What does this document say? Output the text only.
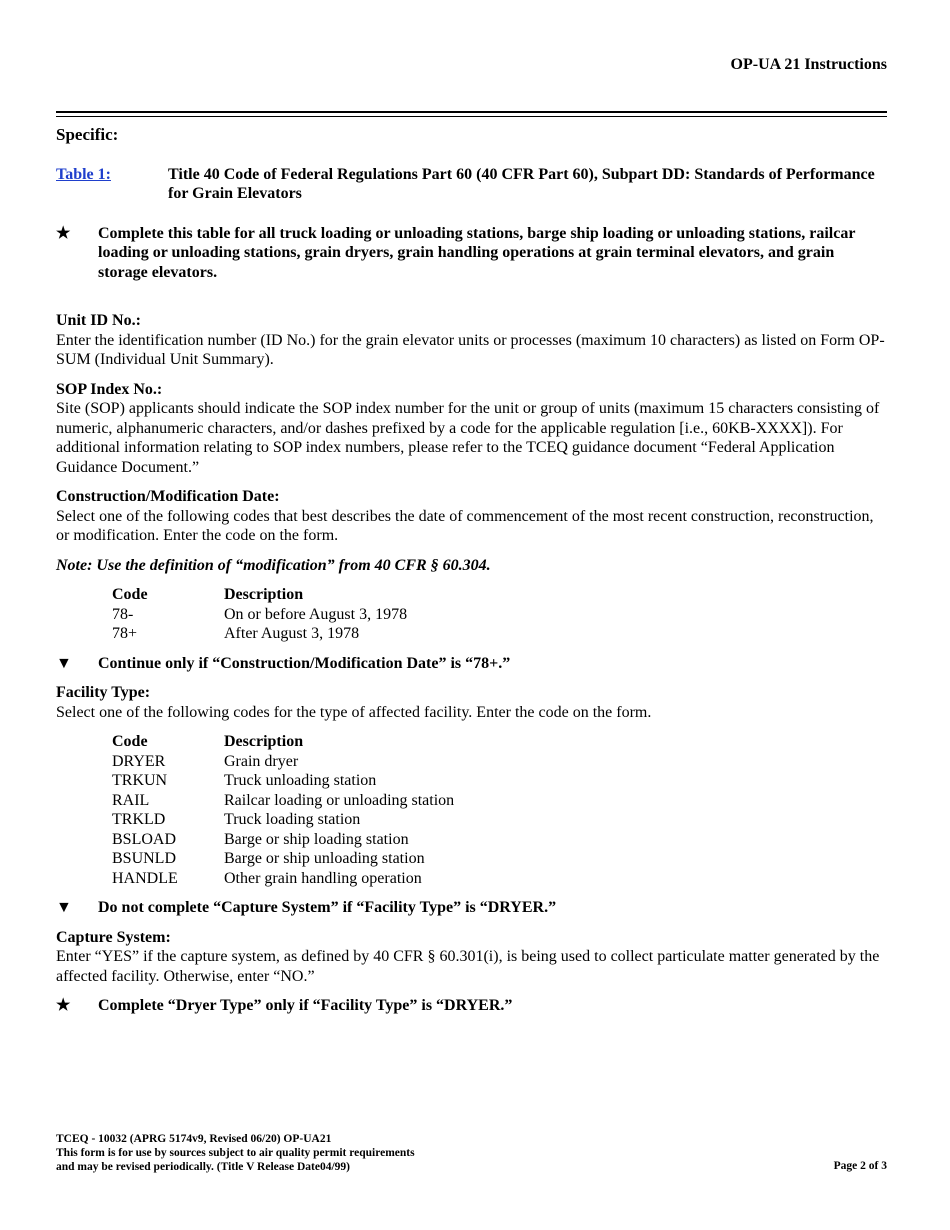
OP-UA 21 Instructions
Specific:
Table 1:	Title 40 Code of Federal Regulations Part 60 (40 CFR Part 60), Subpart DD: Standards of Performance for Grain Elevators
★	Complete this table for all truck loading or unloading stations, barge ship loading or unloading stations, railcar loading or unloading stations, grain dryers, grain handling operations at grain terminal elevators, and grain storage elevators.
Unit ID No.:
Enter the identification number (ID No.) for the grain elevator units or processes (maximum 10 characters) as listed on Form OP-SUM (Individual Unit Summary).
SOP Index No.:
Site (SOP) applicants should indicate the SOP index number for the unit or group of units (maximum 15 characters consisting of numeric, alphanumeric characters, and/or dashes prefixed by a code for the applicable regulation [i.e., 60KB-XXXX]). For additional information relating to SOP index numbers, please refer to the TCEQ guidance document “Federal Application Guidance Document.”
Construction/Modification Date:
Select one of the following codes that best describes the date of commencement of the most recent construction, reconstruction, or modification. Enter the code on the form.
Note: Use the definition of “modification” from 40 CFR § 60.304.
Code	Description
78-	On or before August 3, 1978
78+	After August 3, 1978
▼	Continue only if “Construction/Modification Date” is “78+.”
Facility Type:
Select one of the following codes for the type of affected facility. Enter the code on the form.
Code	Description
DRYER	Grain dryer
TRKUN	Truck unloading station
RAIL	Railcar loading or unloading station
TRKLD	Truck loading station
BSLOAD	Barge or ship loading station
BSUNLD	Barge or ship unloading station
HANDLE	Other grain handling operation
▼	Do not complete “Capture System” if “Facility Type” is “DRYER.”
Capture System:
Enter “YES” if the capture system, as defined by 40 CFR § 60.301(i), is being used to collect particulate matter generated by the affected facility. Otherwise, enter “NO.”
★	Complete “Dryer Type” only if “Facility Type” is “DRYER.”
TCEQ - 10032 (APRG 5174v9, Revised 06/20) OP-UA21
This form is for use by sources subject to air quality permit requirements
and may be revised periodically. (Title V Release Date04/99)	Page 2 of 3
